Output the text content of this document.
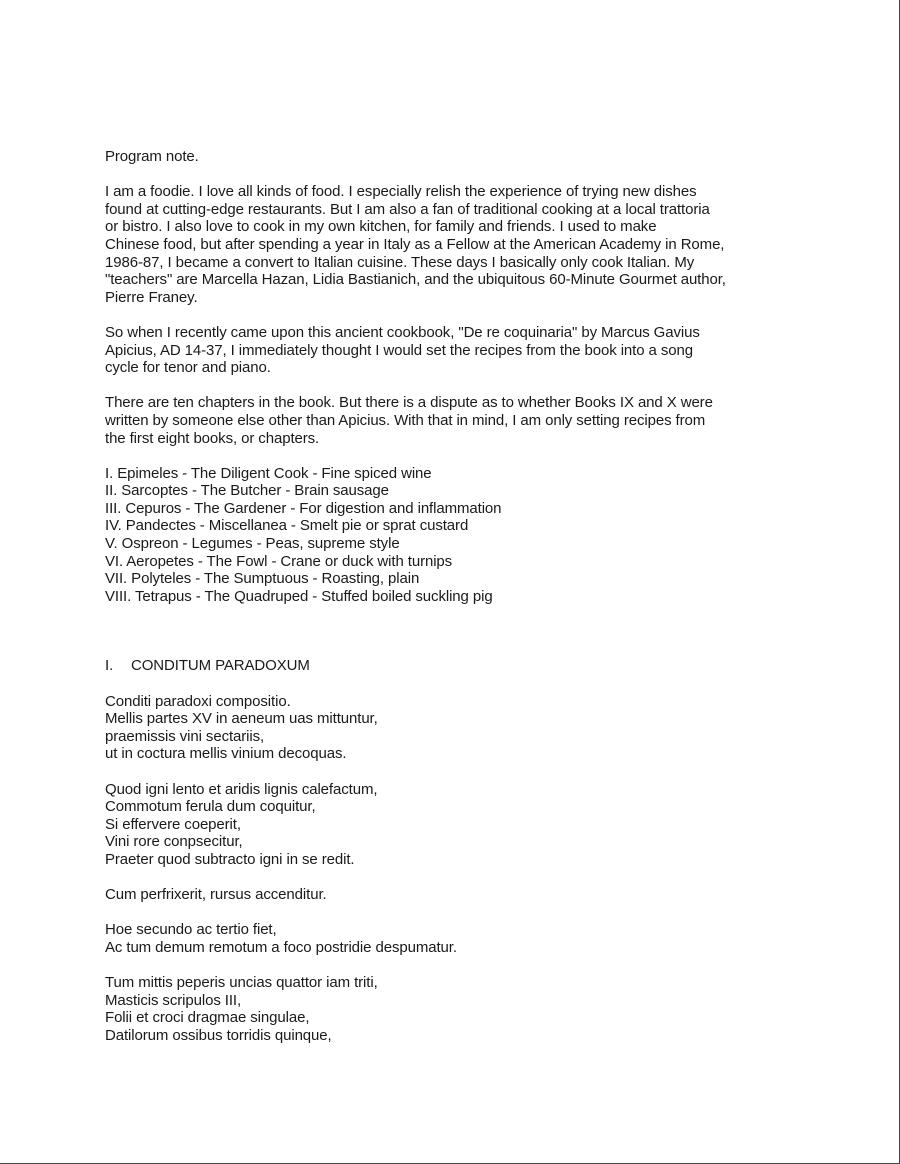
Program note.

I am a foodie. I love all kinds of food. I especially relish the experience of trying new dishes
found at cutting-edge restaurants. But I am also a fan of traditional cooking at a local trattoria
or bistro. I also love to cook in my own kitchen, for family and friends. I used to make
Chinese food, but after spending a year in Italy as a Fellow at the American Academy in Rome,
1986-87, I became a convert to Italian cuisine. These days I basically only cook Italian. My
"teachers" are Marcella Hazan, Lidia Bastianich, and the ubiquitous 60-Minute Gourmet author,
Pierre Franey.

So when I recently came upon this ancient cookbook, "De re coquinaria" by Marcus Gavius
Apicius, AD 14-37, I immediately thought I would set the recipes from the book into a song
cycle for tenor and piano.

There are ten chapters in the book. But there is a dispute as to whether Books IX and X were
written by someone else other than Apicius. With that in mind, I am only setting recipes from
the first eight books, or chapters.

I. Epimeles - The Diligent Cook - Fine spiced wine
II. Sarcoptes - The Butcher - Brain sausage
III. Cepuros - The Gardener - For digestion and inflammation
IV. Pandectes - Miscellanea - Smelt pie or sprat custard
V. Ospreon - Legumes - Peas, supreme style
VI. Aeropetes - The Fowl - Crane or duck with turnips
VII. Polyteles - The Sumptuous - Roasting, plain
VIII. Tetrapus - The Quadruped - Stuffed boiled suckling pig
I.	CONDITUM PARADOXUM

Conditi paradoxi compositio.
Mellis partes XV in aeneum uas mittuntur,
praemissis vini sectariis,
ut in coctura mellis vinium decoquas.

Quod igni lento et aridis lignis calefactum,
Commotum ferula dum coquitur,
Si effervere coeperit,
Vini rore conpsecitur,
Praeter quod subtracto igni in se redit.

Cum perfrixerit, rursus accenditur.

Hoe secundo ac tertio fiet,
Ac tum demum remotum a foco postridie despumatur.

Tum mittis peperis uncias quattor iam triti,
Masticis scripulos III,
Folii et croci dragmae singulae,
Datilorum ossibus torridis quinque,
